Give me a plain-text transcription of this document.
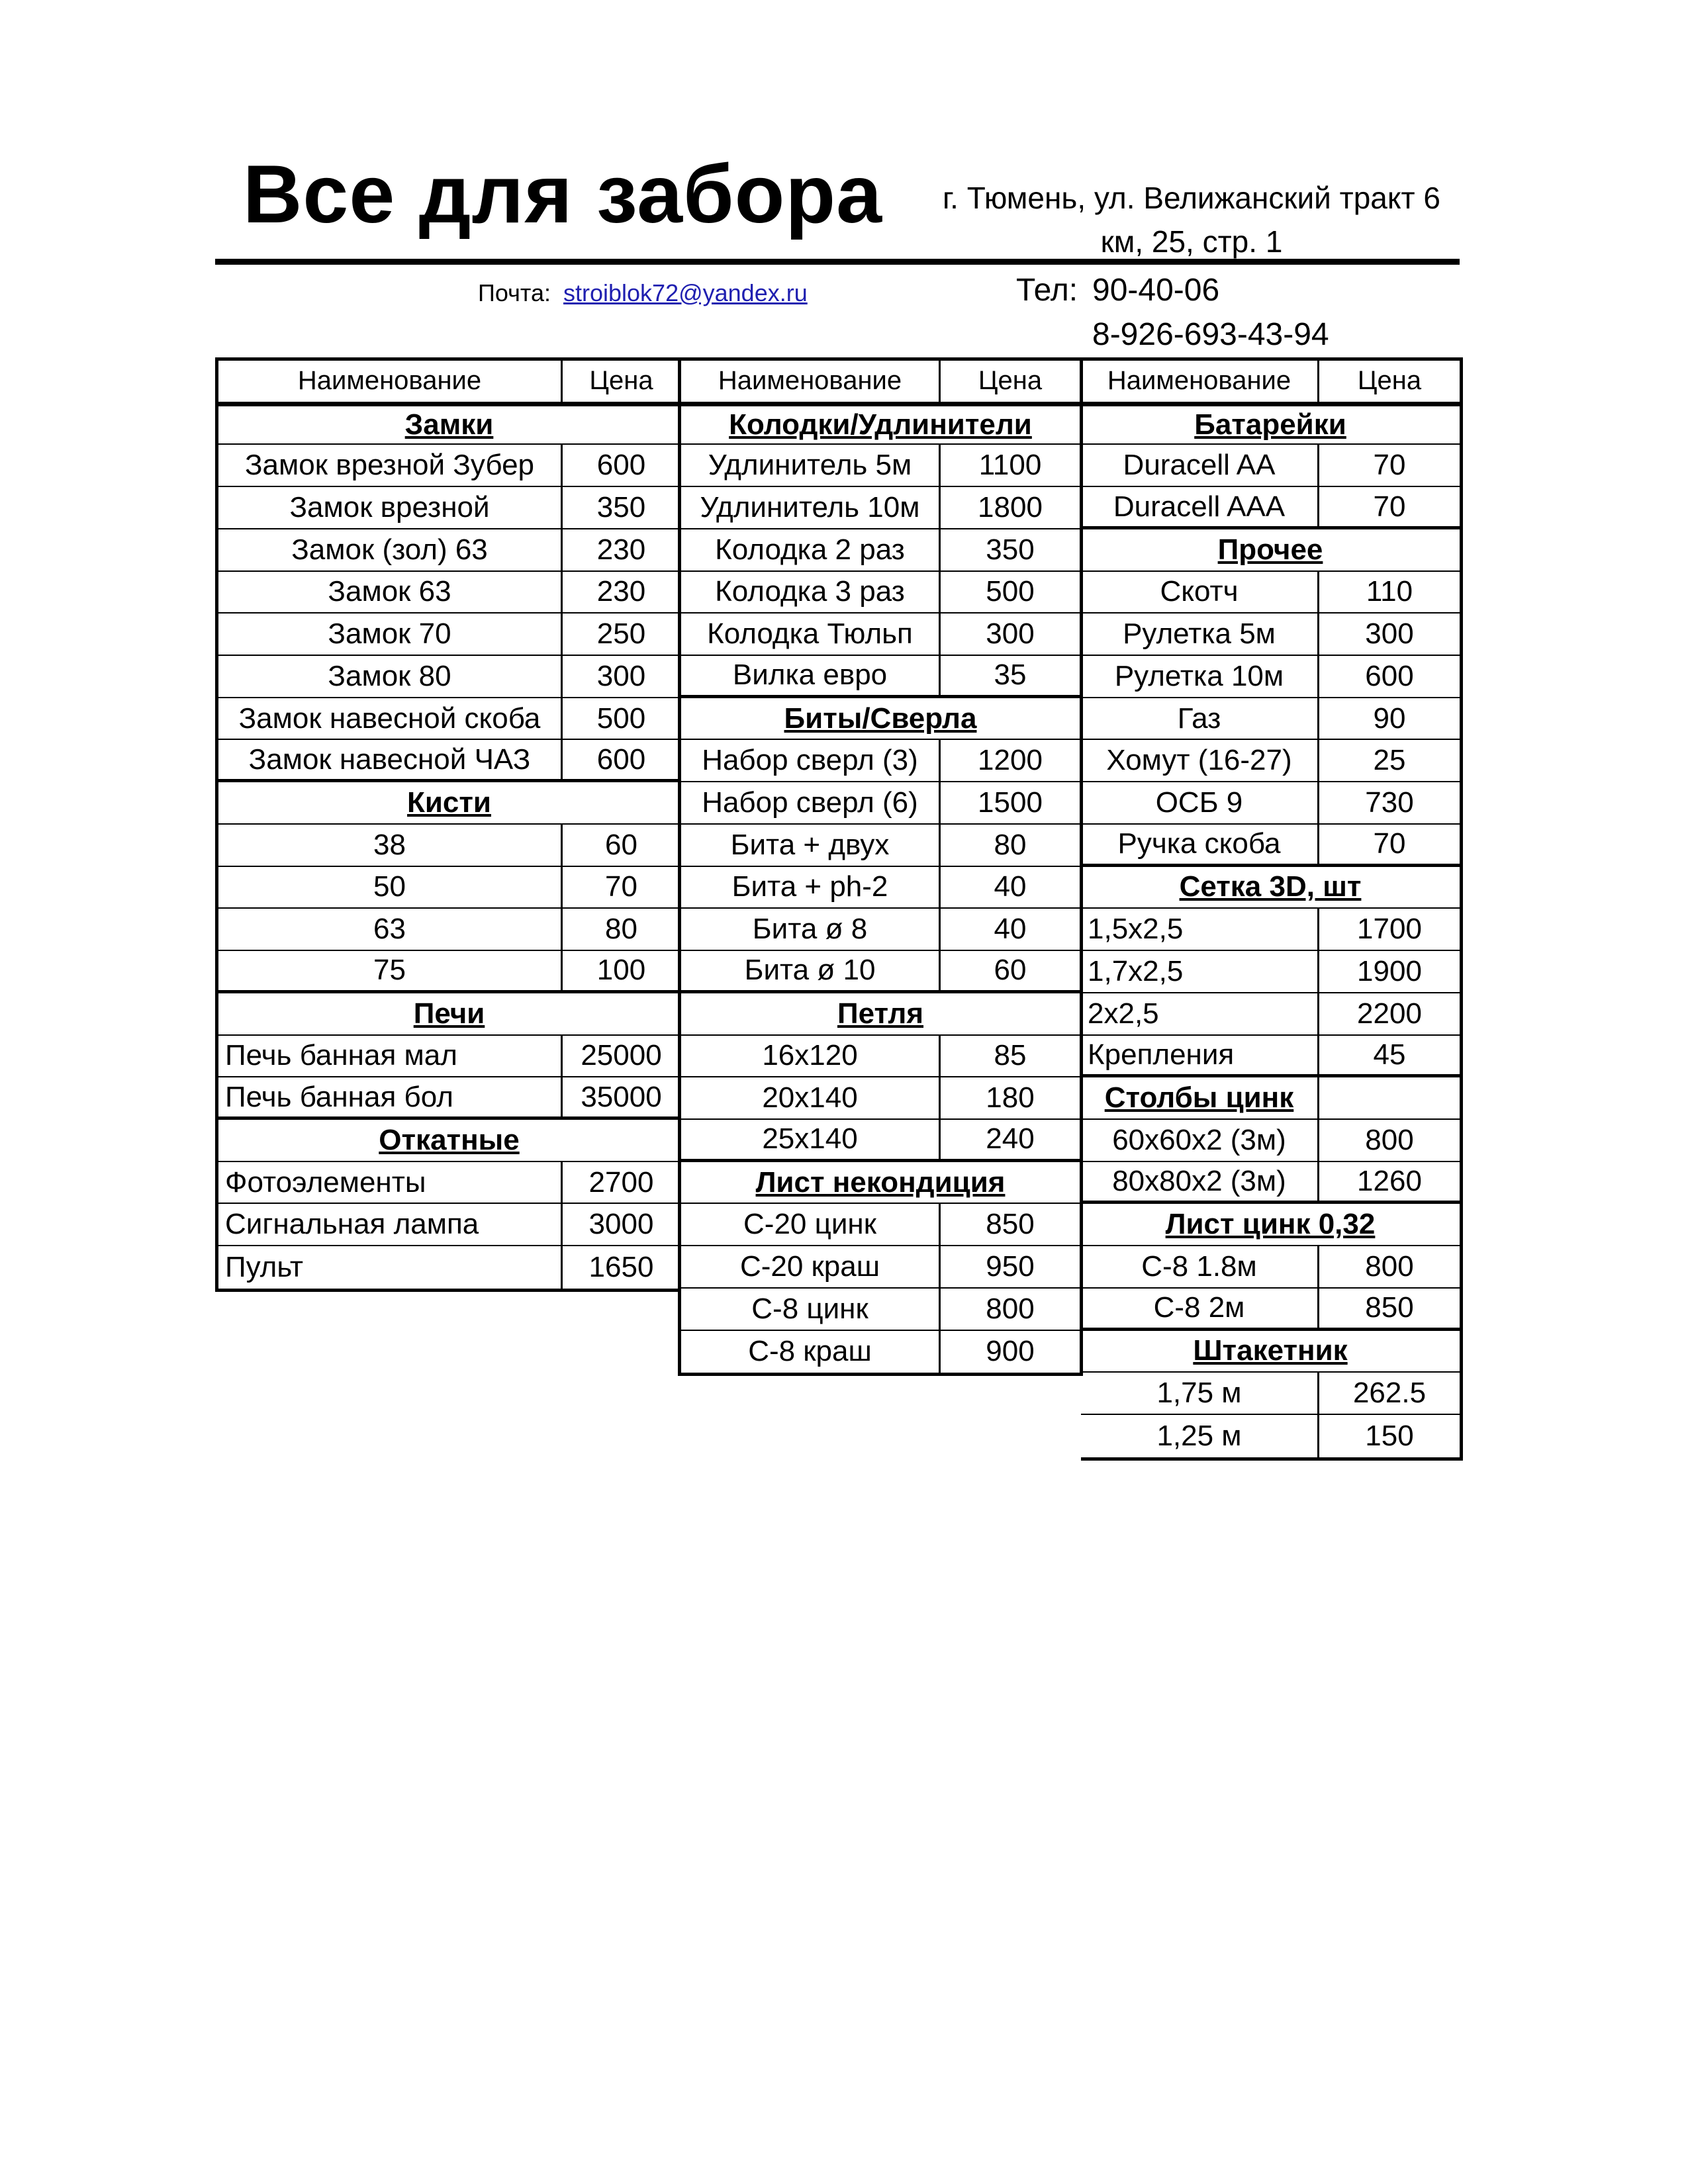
Все для забора	г. Тюмень, ул. Велижанский тракт 6
км, 25, стр. 1
Почта: stroiblok72@yandex.ru	Тел: 90-40-06
8-926-693-43-94
Наименование	Цена
Замки
Замок врезной Зубер	600
Замок врезной	350
Замок (зол) 63	230
Замок 63	230
Замок 70	250
Замок 80	300
Замок навесной скоба	500
Замок навесной ЧАЗ	600
Кисти
38	60
50	70
63	80
75	100
Печи
Печь банная мал	25000
Печь банная бол	35000
Откатные
Фотоэлементы	2700
Сигнальная лампа	3000
Пульт	1650
Наименование	Цена
Колодки/Удлинители
Удлинитель 5м	1100
Удлинитель 10м	1800
Колодка 2 раз	350
Колодка 3 раз	500
Колодка Тюльп	300
Вилка евро	35
Биты/Сверла
Набор сверл (3)	1200
Набор сверл (6)	1500
Бита + двух	80
Бита + ph-2	40
Бита ø 8	40
Бита ø 10	60
Петля
16х120	85
20х140	180
25х140	240
Лист некондиция
С-20 цинк	850
С-20 краш	950
С-8 цинк	800
С-8 краш	900
Наименование	Цена
Батарейки
Duracell AA	70
Duracell AAA	70
Прочее
Скотч	110
Рулетка 5м	300
Рулетка 10м	600
Газ	90
Хомут (16-27)	25
ОСБ 9	730
Ручка скоба	70
Сетка 3D, шт
1,5х2,5	1700
1,7х2,5	1900
2х2,5	2200
Крепления	45
Столбы цинк
60х60х2 (3м)	800
80х80х2 (3м)	1260
Лист цинк 0,32
С-8 1.8м	800
С-8 2м	850
Штакетник
1,75 м	262.5
1,25 м	150
